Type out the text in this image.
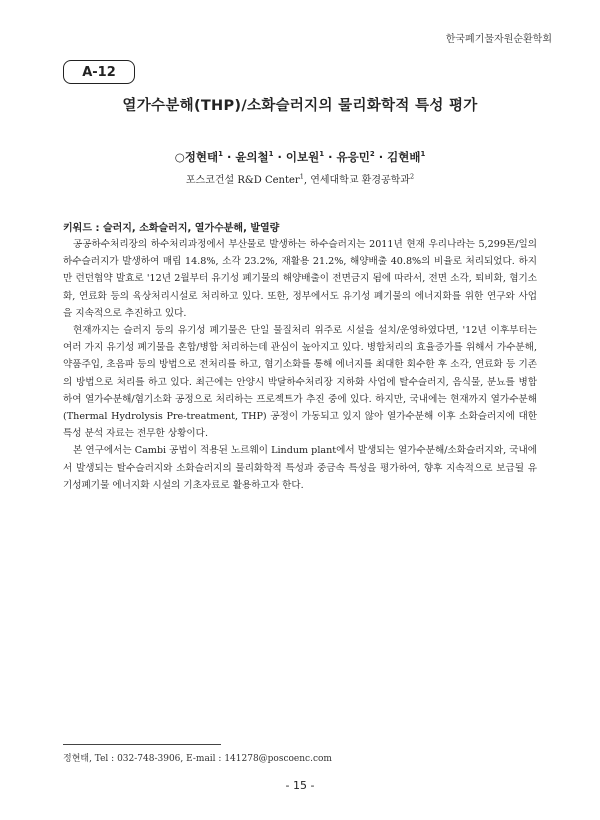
한국폐기물자원순환학회
A-12
열가수분해(THP)/소화슬러지의 물리화학적 특성 평가
○정현태$^1$ · 윤의철$^1$ · 이보원$^1$ · 유응민$^2$ · 김현배$^1$
포스코건설 R&D Center$^1$, 연세대학교 환경공학과$^2$
키워드 : 슬러지, 소화슬러지, 열가수분해, 발열량

공공하수처리장의 하수처리과정에서 부산물로 발생하는 하수슬러지는 2011년 현재 우리나라는 5,299톤/일의 하수슬러지가 발생하여 매립 14.8%, 소각 23.2%, 재활용 21.2%, 해양배출 40.8%의 비율로 처리되었다. 하지만 런던협약 발효로 '12년 2월부터 유기성 폐기물의 해양배출이 전면금지 됨에 따라서, 전면 소각, 퇴비화, 혐기소화, 연료화 등의 육상처리시설로 처리하고 있다. 또한, 정부에서도 유기성 폐기물의 에너지화를 위한 연구와 사업을 지속적으로 추진하고 있다.

현재까지는 슬러지 등의 유기성 폐기물은 단일 물질처리 위주로 시설을 설치/운영하였다면, '12년 이후부터는 여러 가지 유기성 폐기물을 혼합/병합 처리하는데 관심이 높아지고 있다. 병합처리의 효율증가를 위해서 가수분해, 약품주입, 초음파 등의 방법으로 전처리를 하고, 혐기소화를 통해 에너지를 최대한 회수한 후 소각, 연료화 등 기존의 방법으로 처리를 하고 있다. 최근에는 안양시 박달하수처리장 지하화 사업에 탈수슬러지, 음식물, 분뇨를 병합하여 열가수분해/혐기소화 공정으로 처리하는 프로젝트가 추진 중에 있다. 하지만, 국내에는 현재까지 열가수분해(Thermal Hydrolysis Pre-treatment, THP) 공정이 가동되고 있지 않아 열가수분해 이후 소화슬러지에 대한 특성 분석 자료는 전무한 상황이다.

본 연구에서는 Cambi 공법이 적용된 노르웨이 Lindum plant에서 발생되는 열가수분해/소화슬러지와, 국내에서 발생되는 탈수슬러지와 소화슬러지의 물리화학적 특성과 중금속 특성을 평가하여, 향후 지속적으로 보급될 유기성폐기물 에너지화 시설의 기초자료로 활용하고자 한다.

정현태, Tel : 032-748-3906, E-mail : 141278@poscoenc.com
- 15 -
